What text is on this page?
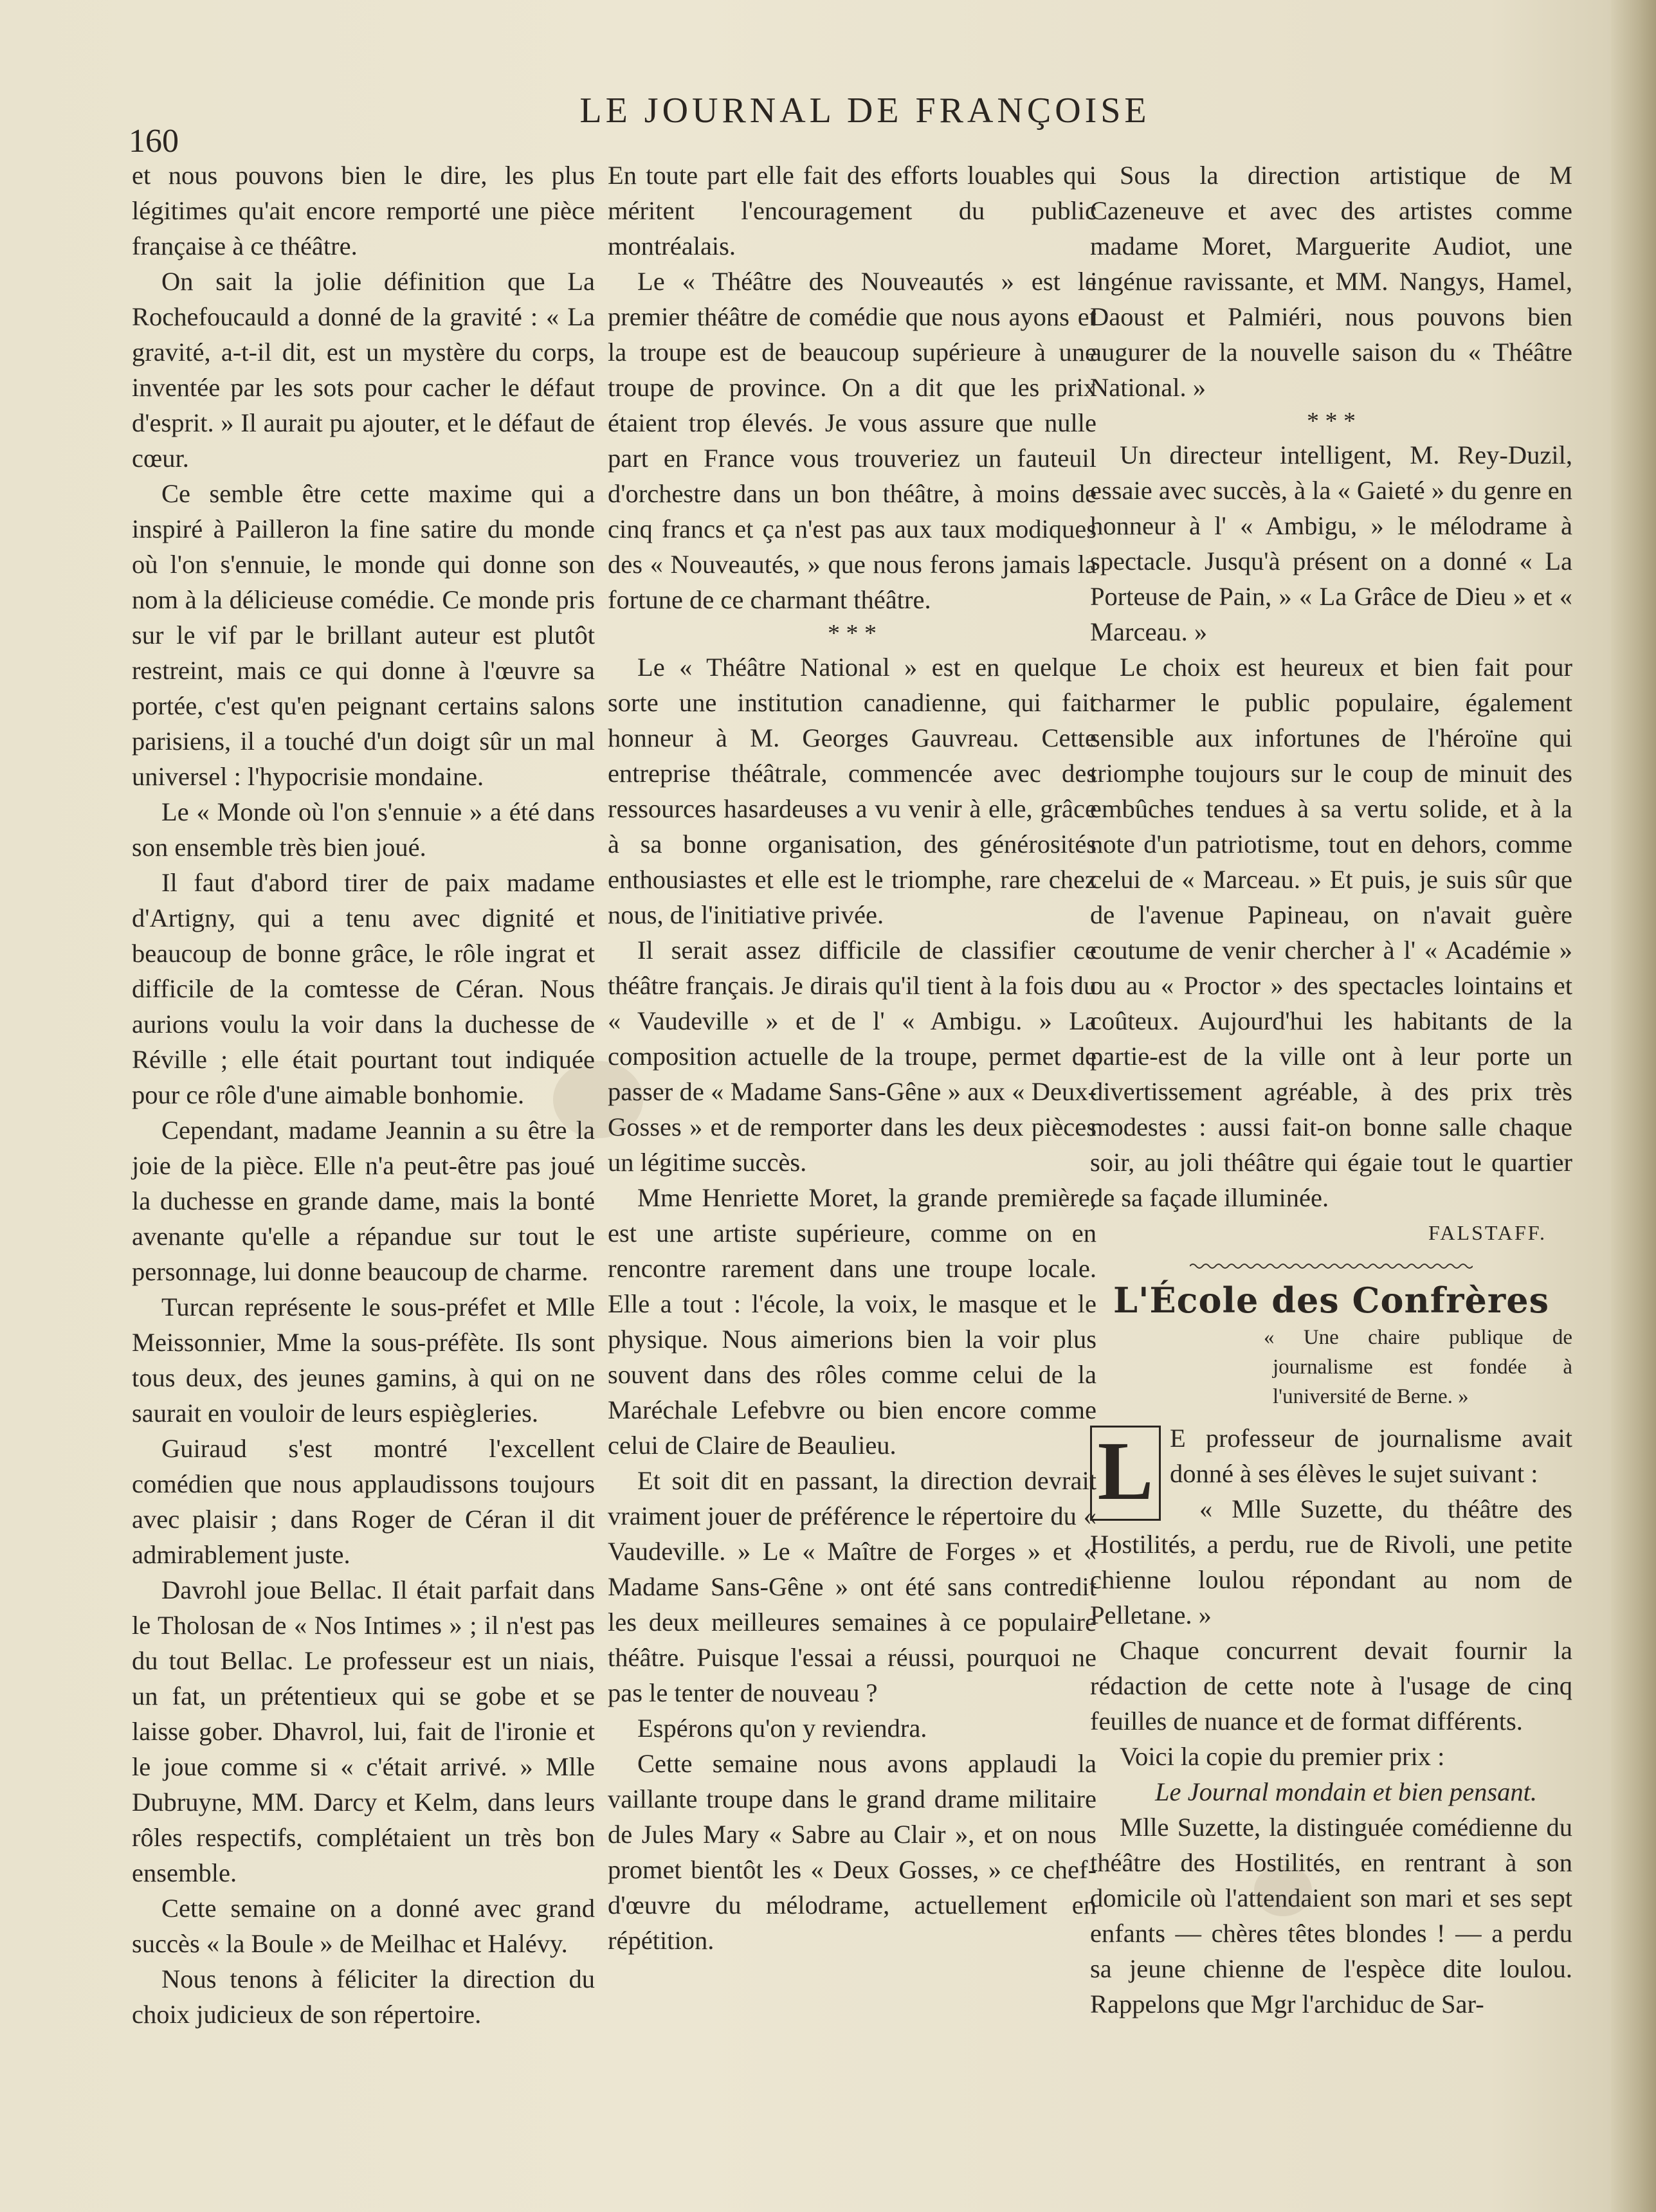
160
LE JOURNAL DE FRANÇOISE

et nous pouvons bien le dire, les plus légitimes qu'ait encore remporté une pièce française à ce théâtre.

On sait la jolie définition que La Rochefoucauld a donné de la gravité : « La gravité, a-t-il dit, est un mystère du corps, inventée par les sots pour cacher le défaut d'esprit. » Il aurait pu ajouter, et le défaut de cœur.

Ce semble être cette maxime qui a inspiré à Pailleron la fine satire du monde où l'on s'ennuie, le monde qui donne son nom à la délicieuse comédie. Ce monde pris sur le vif par le brillant auteur est plutôt restreint, mais ce qui donne à l'œuvre sa portée, c'est qu'en peignant certains salons parisiens, il a touché d'un doigt sûr un mal universel : l'hypocrisie mondaine.

Le « Monde où l'on s'ennuie » a été dans son ensemble très bien joué.

Il faut d'abord tirer de paix madame d'Artigny, qui a tenu avec dignité et beaucoup de bonne grâce, le rôle ingrat et difficile de la comtesse de Céran. Nous aurions voulu la voir dans la duchesse de Réville ; elle était pourtant tout indiquée pour ce rôle d'une aimable bonhomie.

Cependant, madame Jeannin a su être la joie de la pièce. Elle n'a peut-être pas joué la duchesse en grande dame, mais la bonté avenante qu'elle a répandue sur tout le personnage, lui donne beaucoup de charme.

Turcan représente le sous-préfet et Mlle Meissonnier, Mme la sous-préfète. Ils sont tous deux, des jeunes gamins, à qui on ne saurait en vouloir de leurs espiègleries.

Guiraud s'est montré l'excellent comédien que nous applaudissons toujours avec plaisir ; dans Roger de Céran il dit admirablement juste.

Davrohl joue Bellac. Il était parfait dans le Tholosan de « Nos Intimes » ; il n'est pas du tout Bellac. Le professeur est un niais, un fat, un prétentieux qui se gobe et se laisse gober. Dhavrol, lui, fait de l'ironie et le joue comme si « c'était arrivé. » Mlle Dubruyne, MM. Darcy et Kelm, dans leurs rôles respectifs, complétaient un très bon ensemble.

Cette semaine on a donné avec grand succès « la Boule » de Meilhac et Halévy.

Nous tenons à féliciter la direction du choix judicieux de son répertoire.

En toute part elle fait des efforts louables qui méritent l'encouragement du public montréalais.

Le « Théâtre des Nouveautés » est le premier théâtre de comédie que nous ayons et la troupe est de beaucoup supérieure à une troupe de province. On a dit que les prix étaient trop élevés. Je vous assure que nulle part en France vous trouveriez un fauteuil d'orchestre dans un bon théâtre, à moins de cinq francs et ça n'est pas aux taux modiques des « Nouveautés, » que nous ferons jamais la fortune de ce charmant théâtre.

* * *

Le « Théâtre National » est en quelque sorte une institution canadienne, qui fait honneur à M. Georges Gauvreau. Cette entreprise théâtrale, commencée avec des ressources hasardeuses a vu venir à elle, grâce à sa bonne organisation, des générosités enthousiastes et elle est le triomphe, rare chez nous, de l'initiative privée.

Il serait assez difficile de classifier ce théâtre français. Je dirais qu'il tient à la fois du « Vaudeville » et de l' « Ambigu. » La composition actuelle de la troupe, permet de passer de « Madame Sans-Gêne » aux « Deux-Gosses » et de remporter dans les deux pièces un légitime succès.

Mme Henriette Moret, la grande première, est une artiste supérieure, comme on en rencontre rarement dans une troupe locale. Elle a tout : l'école, la voix, le masque et le physique. Nous aimerions bien la voir plus souvent dans des rôles comme celui de la Maréchale Lefebvre ou bien encore comme celui de Claire de Beaulieu.

Et soit dit en passant, la direction devrait vraiment jouer de préférence le répertoire du « Vaudeville. » Le « Maître de Forges » et « Madame Sans-Gêne » ont été sans contredit les deux meilleures semaines à ce populaire théâtre. Puisque l'essai a réussi, pourquoi ne pas le tenter de nouveau ?

Espérons qu'on y reviendra.

Cette semaine nous avons applaudi la vaillante troupe dans le grand drame militaire de Jules Mary « Sabre au Clair », et on nous promet bientôt les « Deux Gosses, » ce chef-d'œuvre du mélodrame, actuellement en répétition.

Sous la direction artistique de M Cazeneuve et avec des artistes comme madame Moret, Marguerite Audiot, une ingénue ravissante, et MM. Nangys, Hamel, Daoust et Palmiéri, nous pouvons bien augurer de la nouvelle saison du « Théâtre National. »

* * *

Un directeur intelligent, M. Rey-Duzil, essaie avec succès, à la « Gaieté » du genre en honneur à l' « Ambigu, » le mélodrame à spectacle. Jusqu'à présent on a donné « La Porteuse de Pain, » « La Grâce de Dieu » et « Marceau. »

Le choix est heureux et bien fait pour charmer le public populaire, également sensible aux infortunes de l'héroïne qui triomphe toujours sur le coup de minuit des embûches tendues à sa vertu solide, et à la note d'un patriotisme, tout en dehors, comme celui de « Marceau. » Et puis, je suis sûr que de l'avenue Papineau, on n'avait guère coutume de venir chercher à l' « Académie » ou au « Proctor » des spectacles lointains et coûteux. Aujourd'hui les habitants de la partie-est de la ville ont à leur porte un divertissement agréable, à des prix très modestes : aussi fait-on bonne salle chaque soir, au joli théâtre qui égaie tout le quartier de sa façade illuminée.

FALSTAFF.
L'École des Confrères
« Une chaire publique de journalisme est fondée à l'université de Berne. »

L E professeur de journalisme avait donné à ses élèves le sujet suivant :

« Mlle Suzette, du théâtre des Hostilités, a perdu, rue de Rivoli, une petite chienne loulou répondant au nom de Pelletane. »

Chaque concurrent devait fournir la rédaction de cette note à l'usage de cinq feuilles de nuance et de format différents.

Voici la copie du premier prix :

Le Journal mondain et bien pensant.

Mlle Suzette, la distinguée comédienne du théâtre des Hostilités, en rentrant à son domicile où l'attendaient son mari et ses sept enfants — chères têtes blondes ! — a perdu sa jeune chienne de l'espèce dite loulou. Rappelons que Mgr l'archiduc de Sar-
